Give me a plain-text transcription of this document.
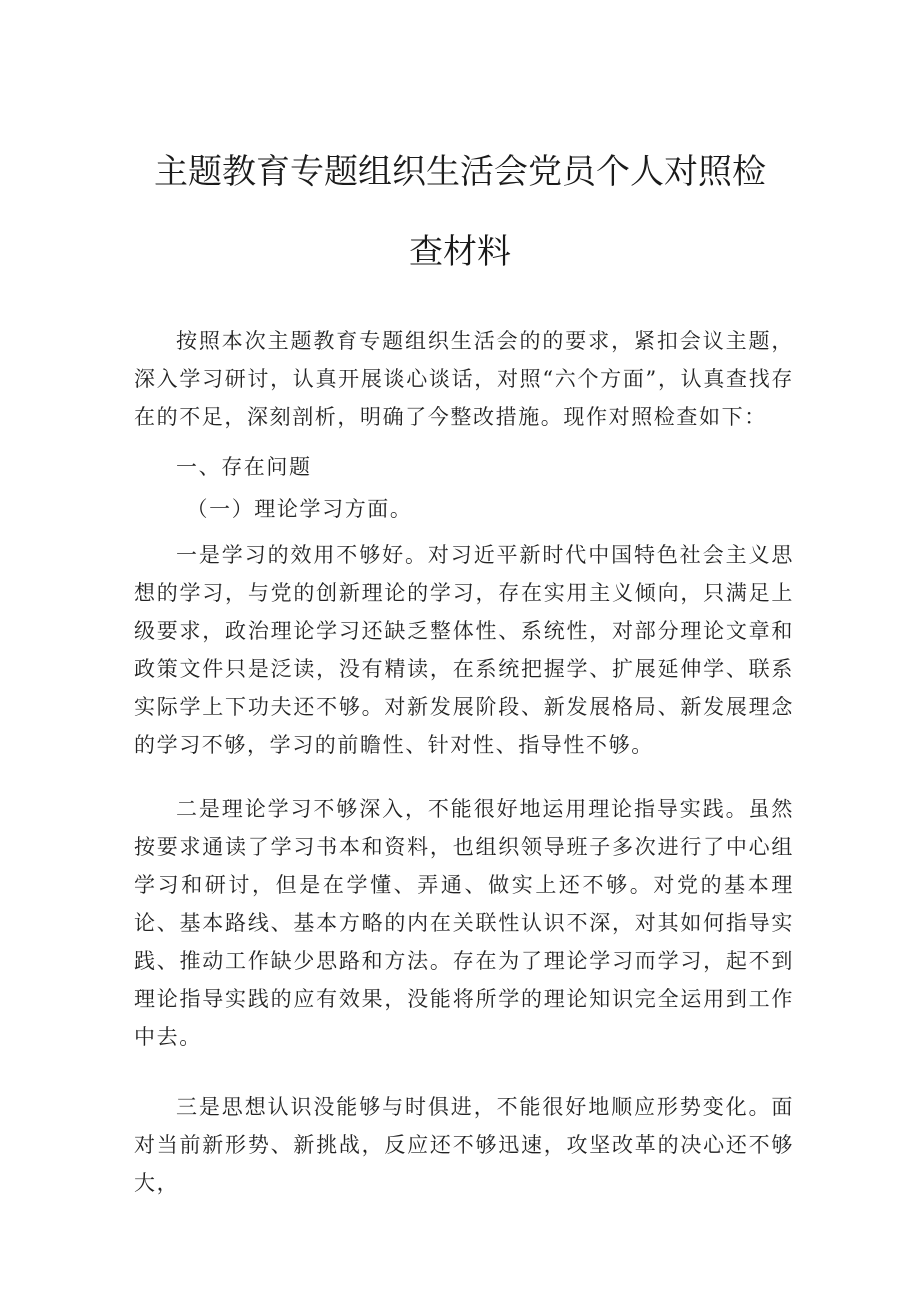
主题教育专题组织生活会党员个人对照检
查材料
按照本次主题教育专题组织生活会的的要求，紧扣会议主题，深入学习研讨，认真开展谈心谈话，对照“六个方面”，认真查找存在的不足，深刻剖析，明确了今整改措施。现作对照检查如下：
一、存在问题
（一）理论学习方面。
一是学习的效用不够好。对习近平新时代中国特色社会主义思想的学习，与党的创新理论的学习，存在实用主义倾向，只满足上级要求，政治理论学习还缺乏整体性、系统性，对部分理论文章和政策文件只是泛读，没有精读，在系统把握学、扩展延伸学、联系实际学上下功夫还不够。对新发展阶段、新发展格局、新发展理念的学习不够，学习的前瞻性、针对性、指导性不够。
二是理论学习不够深入，不能很好地运用理论指导实践。虽然按要求通读了学习书本和资料，也组织领导班子多次进行了中心组学习和研讨，但是在学懂、弄通、做实上还不够。对党的基本理论、基本路线、基本方略的内在关联性认识不深，对其如何指导实践、推动工作缺少思路和方法。存在为了理论学习而学习，起不到理论指导实践的应有效果，没能将所学的理论知识完全运用到工作中去。
三是思想认识没能够与时俱进，不能很好地顺应形势变化。面对当前新形势、新挑战，反应还不够迅速，攻坚改革的决心还不够大，
